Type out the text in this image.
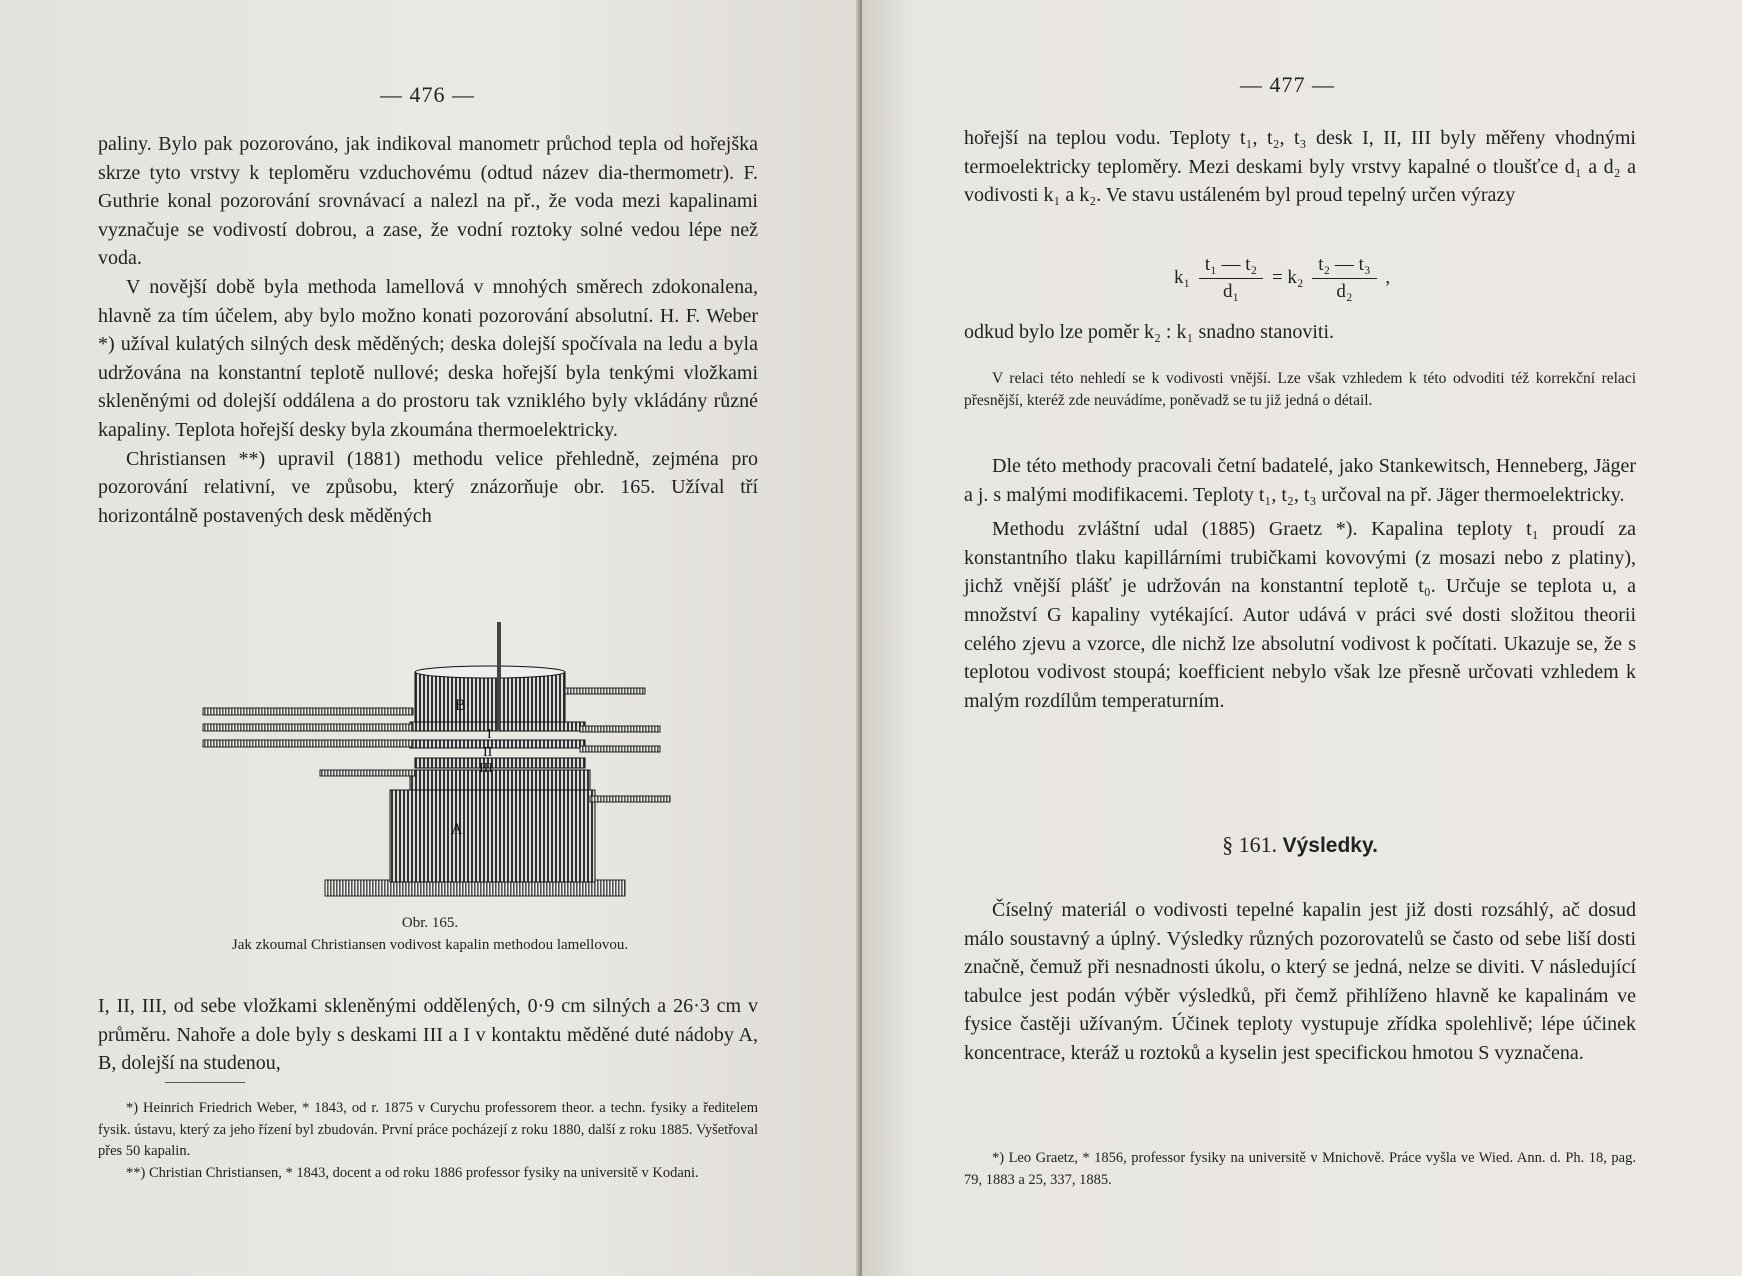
— 476 —

paliny. Bylo pak pozorováno, jak indikoval manometr průchod tepla od hořejška skrze tyto vrstvy k teploměru vzduchovému (odtud název dia-thermometr). F. Guthrie konal pozorování srovnávací a nalezl na př., že voda mezi kapalinami vyznačuje se vodivostí dobrou, a zase, že vodní roztoky solné vedou lépe než voda.

V novější době byla methoda lamellová v mnohých směrech zdokonalena, hlavně za tím účelem, aby bylo možno konati pozorování absolutní. H. F. Weber *) užíval kulatých silných desk měděných; deska dolejší spočívala na ledu a byla udržována na konstantní teplotě nullové; deska hořejší byla tenkými vložkami skleněnými od dolejší oddálena a do prostoru tak vzniklého byly vkládány různé kapaliny. Teplota hořejší desky byla zkoumána thermoelektricky.

Christiansen **) upravil (1881) methodu velice přehledně, zejména pro pozorování relativní, ve způsobu, který znázorňuje obr. 165. Užíval tří horizontálně postavených desk měděných

B
I
II
III
A
Obr. 165.
Jak zkoumal Christiansen vodivost kapalin methodou lamellovou.
I, II, III, od sebe vložkami skleněnými oddělených, 0·9 cm silných a 26·3 cm v průměru. Nahoře a dole byly s deskami III a I v kontaktu měděné duté nádoby A, B, dolejší na studenou,

*) Heinrich Friedrich Weber, * 1843, od r. 1875 v Curychu professorem theor. a techn. fysiky a ředitelem fysik. ústavu, který za jeho řízení byl zbudován. První práce pocházejí z roku 1880, další z roku 1885. Vyšetřoval přes 50 kapalin.

**) Christian Christiansen, * 1843, docent a od roku 1886 professor fysiky na universitě v Kodani.

— 477 —
hořejší na teplou vodu. Teploty t₁, t₂, t₃ desk I, II, III byly měřeny vhodnými termoelektricky teploměry. Mezi deskami byly vrstvy kapalné o tloušťce d₁ a d₂ a vodivosti k₁ a k₂. Ve stavu ustáleném byl proud tepelný určen výrazy
$k_1 \frac{\text{t₁ — t₂}}{\text{d₁}} = k_2 \frac{\text{t₂ — t₃}}{\text{d₂}}$ ,
odkud bylo lze poměr k₂ : k₁ snadno stanoviti.

V relaci této nehledí se k vodivosti vnější. Lze však vzhledem k této odvoditi též korrekční relaci přesnější, kteréž zde neuvádíme, poněvadž se tu již jedná o détail.

Dle této methody pracovali četní badatelé, jako Stankewitsch, Henneberg, Jäger a j. s malými modifikacemi. Teploty t₁, t₂, t₃ určoval na př. Jäger thermoelektricky.

Methodu zvláštní udal (1885) Graetz *). Kapalina teploty t₁ proudí za konstantního tlaku kapillárními trubičkami kovovými (z mosazi nebo z platiny), jichž vnější plášť je udržován na konstantní teplotě t₀. Určuje se teplota u, a množství G kapaliny vytékající. Autor udává v práci své dosti složitou theorii celého zjevu a vzorce, dle nichž lze absolutní vodivost k počítati. Ukazuje se, že s teplotou vodivost stoupá; koefficient nebylo však lze přesně určovati vzhledem k malým rozdílům temperaturním.

§ 161. Výsledky.

Číselný materiál o vodivosti tepelné kapalin jest již dosti rozsáhlý, ač dosud málo soustavný a úplný. Výsledky různých pozorovatelů se často od sebe liší dosti značně, čemuž při nesnadnosti úkolu, o který se jedná, nelze se diviti. V následující tabulce jest podán výběr výsledků, při čemž přihlíženo hlavně ke kapalinám ve fysice častěji užívaným. Účinek teploty vystupuje zřídka spolehlivě; lépe účinek koncentrace, kteráž u roztoků a kyselin jest specifickou hmotou S vyznačena.

*) Leo Graetz, * 1856, professor fysiky na universitě v Mnichově. Práce vyšla ve Wied. Ann. d. Ph. 18, pag. 79, 1883 a 25, 337, 1885.
